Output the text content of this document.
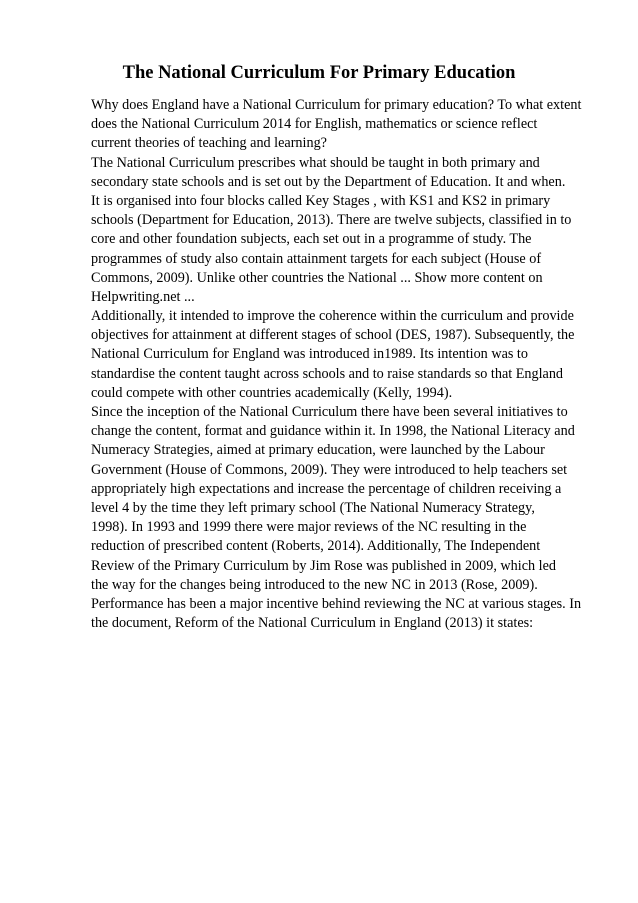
The National Curriculum For Primary Education
Why does England have a National Curriculum for primary education? To what extent
does the National Curriculum 2014 for English, mathematics or science reflect
current theories of teaching and learning?
The National Curriculum prescribes what should be taught in both primary and
secondary state schools and is set out by the Department of Education. It and when.
It is organised into four blocks called Key Stages , with KS1 and KS2 in primary
schools (Department for Education, 2013). There are twelve subjects, classified in to
core and other foundation subjects, each set out in a programme of study. The
programmes of study also contain attainment targets for each subject (House of
Commons, 2009). Unlike other countries the National ... Show more content on
Helpwriting.net ...
Additionally, it intended to improve the coherence within the curriculum and provide
objectives for attainment at different stages of school (DES, 1987). Subsequently, the
National Curriculum for England was introduced in1989. Its intention was to
standardise the content taught across schools and to raise standards so that England
could compete with other countries academically (Kelly, 1994).
Since the inception of the National Curriculum there have been several initiatives to
change the content, format and guidance within it. In 1998, the National Literacy and
Numeracy Strategies, aimed at primary education, were launched by the Labour
Government (House of Commons, 2009). They were introduced to help teachers set
appropriately high expectations and increase the percentage of children receiving a
level 4 by the time they left primary school (The National Numeracy Strategy,
1998). In 1993 and 1999 there were major reviews of the NC resulting in the
reduction of prescribed content (Roberts, 2014). Additionally, The Independent
Review of the Primary Curriculum by Jim Rose was published in 2009, which led
the way for the changes being introduced to the new NC in 2013 (Rose, 2009).
Performance has been a major incentive behind reviewing the NC at various stages. In
the document, Reform of the National Curriculum in England (2013) it states:
